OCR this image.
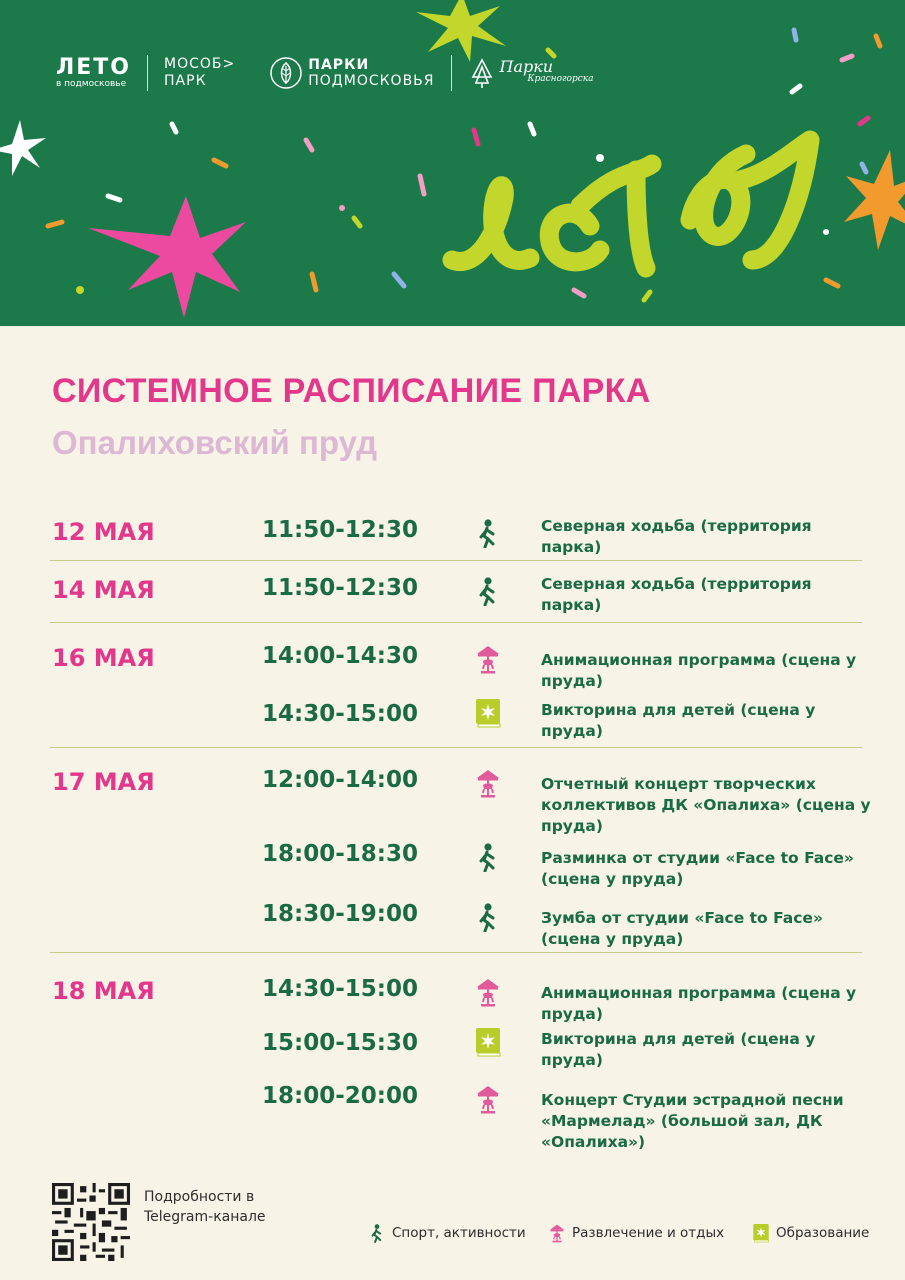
ЛЕТО
в подмосковье
МОСОБ>
ПАРК
ПАРКИ
ПОДМОСКОВЬЯ
Парки
Красногорска
СИСТЕМНОЕ РАСПИСАНИЕ ПАРКА
Опалиховский пруд
12 МАЯ	11:50-12:30	Северная ходьба (территория парка)
14 МАЯ	11:50-12:30	Северная ходьба (территория парка)
16 МАЯ	14:00-14:30	Анимационная программа (сцена у пруда)
14:30-15:00	Викторина для детей (сцена у пруда)
17 МАЯ	12:00-14:00	Отчетный концерт творческих коллективов ДК «Опалиха» (сцена у пруда)
18:00-18:30	Разминка от студии «Face to Face» (сцена у пруда)
18:30-19:00	Зумба от студии «Face to Face» (сцена у пруда)
18 МАЯ	14:30-15:00	Анимационная программа (сцена у пруда)
15:00-15:30	Викторина для детей (сцена у пруда)
18:00-20:00	Концерт Студии эстрадной песни «Мармелад» (большой зал, ДК «Опалиха»)
Подробности в Telegram-канале
Спорт, активности	Развлечение и отдых	Образование
